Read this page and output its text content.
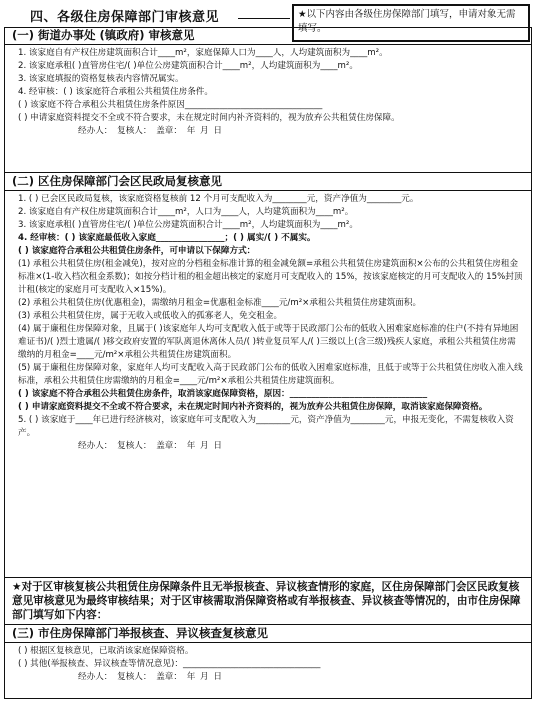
四、各级住房保障部门审核意见	★以下内容由各级住房保障部门填写，申请对象无需填写。
(一) 街道办事处 (镇政府) 审核意见
1. 该家庭自有产权住房建筑面积合计____m²，家庭保障人口为____人，人均建筑面积为____m²。
2. 该家庭承租( )直管房住宅/( )单位公房建筑面积合计____m²，人均建筑面积为____m²。
3. 该家庭填报的资格复核表内容情况属实。
4. 经审核：( ) 该家庭符合承租公共租赁住房条件。
( ) 该家庭不符合承租公共租赁住房条件原因________________________________
( ) 申请家庭资料提交不全或不符合要求，未在规定时间内补齐资料的，视为放弃公共租赁住房保障。
经办人： 复核人： 盖章： 年 月 日
(二) 区住房保障部门会区民政局复核意见
1. ( ) 已会区民政局复核，该家庭资格复核前 12 个月可支配收入为________元，资产净值为________元。
2. 该家庭自有产权住房建筑面积合计____m²，人口为____人，人均建筑面积为____m²。
3. 该家庭承租( )直管房住宅/( )单位公房建筑面积合计____m²，人均建筑面积为____m²。
4. 经审核：( ) 该家庭最低收入家庭________________；( ) 属实/( ) 不属实。
( ) 该家庭符合承租公共租赁住房条件，可申请以下保障方式：
(1) 承租公共租赁住房(租金减免)，按对应的分档租金标准计算的租金减免额=承租公共租赁住房建筑面积×公布的公共租赁住房租金标准×(1-收入档次租金系数)；如按分档计租的租金超出核定的家庭月可支配收入的 15%，按该家庭核定的月可支配收入的 15%封顶计租(核定的家庭月可支配收入×15%)。
(2) 承租公共租赁住房(优惠租金)，需缴纳月租金=优惠租金标准____元/m²×承租公共租赁住房建筑面积。
(3) 承租公共租赁住房，属于无收入或低收入的孤寡老人，免交租金。
(4) 属于廉租住房保障对象，且属于( )该家庭年人均可支配收入低于或等于民政部门公布的低收入困难家庭标准的住户(不持有异地困难证书)/( )烈士遗属/( )移交政府安置的军队离退休离休人员/( )转业复员军人/( )三级以上(含三级)残疾人家庭，承租公共租赁住房需缴纳的月租金=____元/m²×承租公共租赁住房建筑面积。
(5) 属于廉租住房保障对象，家庭年人均可支配收入高于民政部门公布的低收入困难家庭标准，且低于或等于公共租赁住房收入准入线标准，承租公共租赁住房需缴纳的月租金=____元/m²×承租公共租赁住房建筑面积。
( ) 该家庭不符合承租公共租赁住房条件，取消该家庭保障资格，原因：________________________________
( ) 申请家庭资料提交不全或不符合要求，未在规定时间内补齐资料的，视为放弃公共租赁住房保障，取消该家庭保障资格。
5. ( ) 该家庭于____年已进行经济核对，该家庭年可支配收入为________元，资产净值为________元，申报无变化，不需复核收入资产。
经办人： 复核人： 盖章： 年 月 日
★对于区审核复核公共租赁住房保障条件且无举报核查、异议核查情形的家庭，区住房保障部门会区民政复核意见审核意见为最终审核结果；对于区审核需取消保障资格或有举报核查、异议核查等情况的，由市住房保障部门填写如下内容：
(三) 市住房保障部门举报核查、异议核查复核意见
( ) 根据区复核意见，已取消该家庭保障资格。
( ) 其他(举报核查、异议核查等情况意见)：________________________________
经办人： 复核人： 盖章： 年 月 日
